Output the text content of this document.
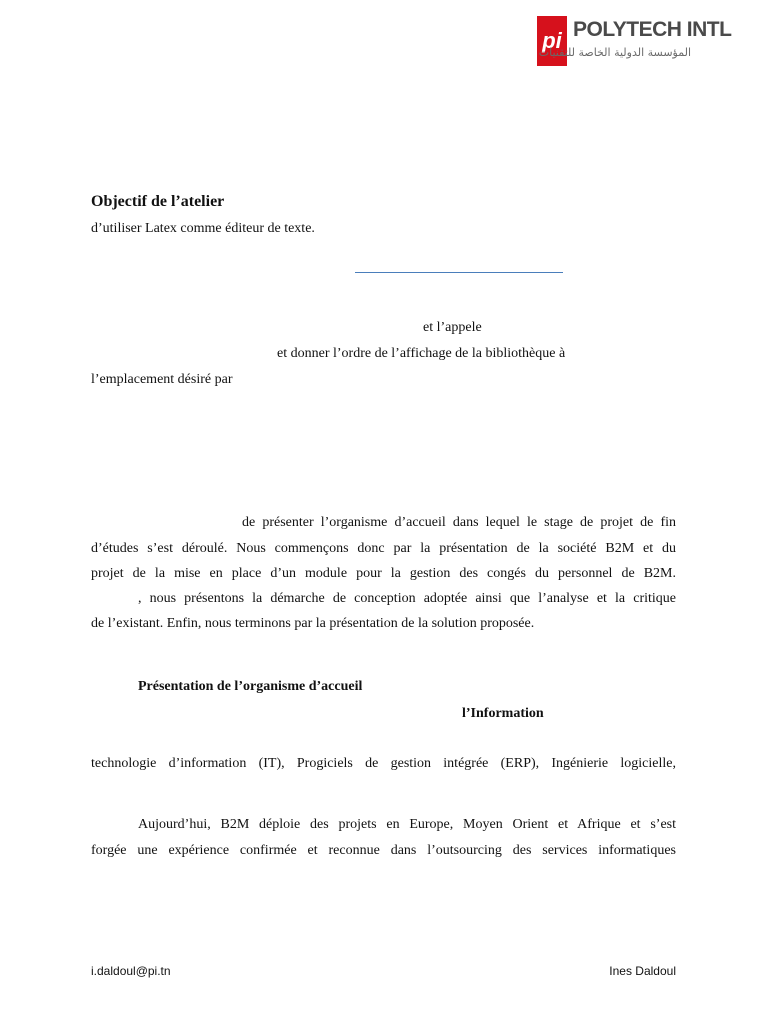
pi POLYTECH INTL
المؤسسة الدولية الخاصة للتقنيات
Objectif de l’atelier
d’utiliser Latex comme éditeur de texte.
et l’appele
et donner l’ordre de l’affichage de la bibliothèque à
l’emplacement désiré par
de présenter l’organisme d’accueil dans lequel le stage de projet de fin
d’études s’est déroulé. Nous commençons donc par la présentation de la société B2M et du
projet de la mise en place d’un module pour la gestion des congés du personnel de B2M.
, nous présentons la démarche de conception adoptée ainsi que l’analyse et la critique
de l’existant. Enfin, nous terminons par la présentation de la solution proposée.
Présentation de l’organisme d’accueil
l’Information
technologie d’information (IT), Progiciels de gestion intégrée (ERP), Ingénierie logicielle,
Aujourd’hui, B2M déploie des projets en Europe, Moyen Orient et Afrique et s’est
forgée une expérience confirmée et reconnue dans l’outsourcing des services informatiques
i.daldoul@pi.tn	Ines Daldoul
